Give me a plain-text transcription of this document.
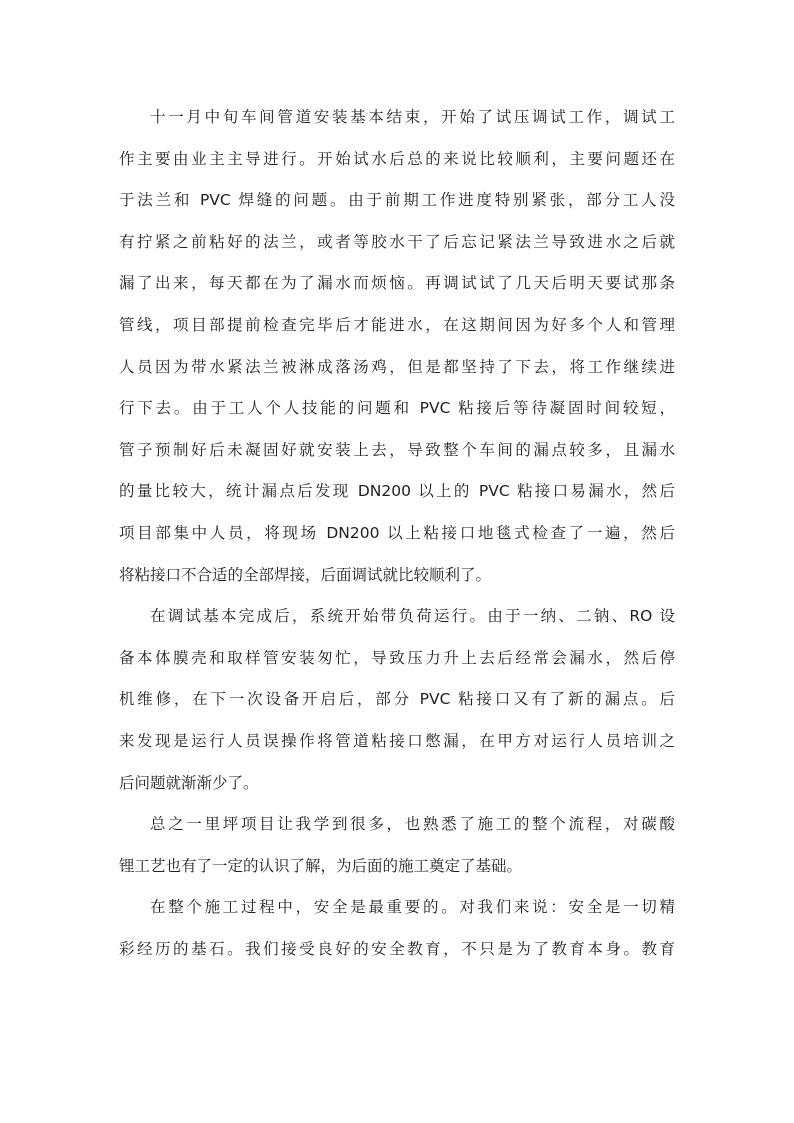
十一月中旬车间管道安装基本结束，开始了试压调试工作，调试工
作主要由业主主导进行。开始试水后总的来说比较顺利，主要问题还在
于法兰和 PVC 焊缝的问题。由于前期工作进度特别紧张，部分工人没
有拧紧之前粘好的法兰，或者等胶水干了后忘记紧法兰导致进水之后就
漏了出来，每天都在为了漏水而烦恼。再调试试了几天后明天要试那条
管线，项目部提前检查完毕后才能进水，在这期间因为好多个人和管理
人员因为带水紧法兰被淋成落汤鸡，但是都坚持了下去，将工作继续进
行下去。由于工人个人技能的问题和 PVC 粘接后等待凝固时间较短，
管子预制好后未凝固好就安装上去，导致整个车间的漏点较多，且漏水
的量比较大，统计漏点后发现 DN200 以上的 PVC 粘接口易漏水，然后
项目部集中人员，将现场 DN200 以上粘接口地毯式检查了一遍，然后
将粘接口不合适的全部焊接，后面调试就比较顺利了。
在调试基本完成后，系统开始带负荷运行。由于一纳、二钠、RO 设
备本体膜壳和取样管安装匆忙，导致压力升上去后经常会漏水，然后停
机维修，在下一次设备开启后，部分 PVC 粘接口又有了新的漏点。后
来发现是运行人员误操作将管道粘接口憋漏，在甲方对运行人员培训之
后问题就渐渐少了。
总之一里坪项目让我学到很多，也熟悉了施工的整个流程，对碳酸
锂工艺也有了一定的认识了解，为后面的施工奠定了基础。
在整个施工过程中，安全是最重要的。对我们来说：安全是一切精
彩经历的基石。我们接受良好的安全教育，不只是为了教育本身。教育
